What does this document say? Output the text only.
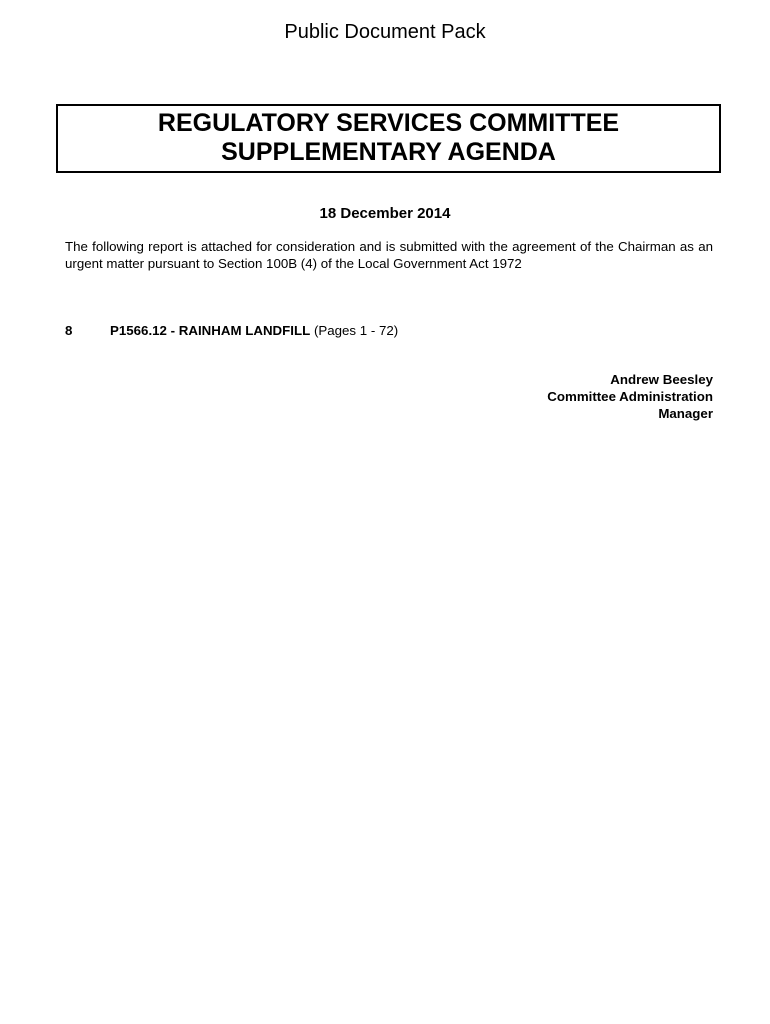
Public Document Pack
REGULATORY SERVICES COMMITTEE
SUPPLEMENTARY AGENDA
18 December 2014
The following report is attached for consideration and is submitted with the agreement of the Chairman as an urgent matter pursuant to Section 100B (4) of the Local Government Act 1972
8	P1566.12 - RAINHAM LANDFILL (Pages 1 - 72)
Andrew Beesley
Committee Administration
Manager
